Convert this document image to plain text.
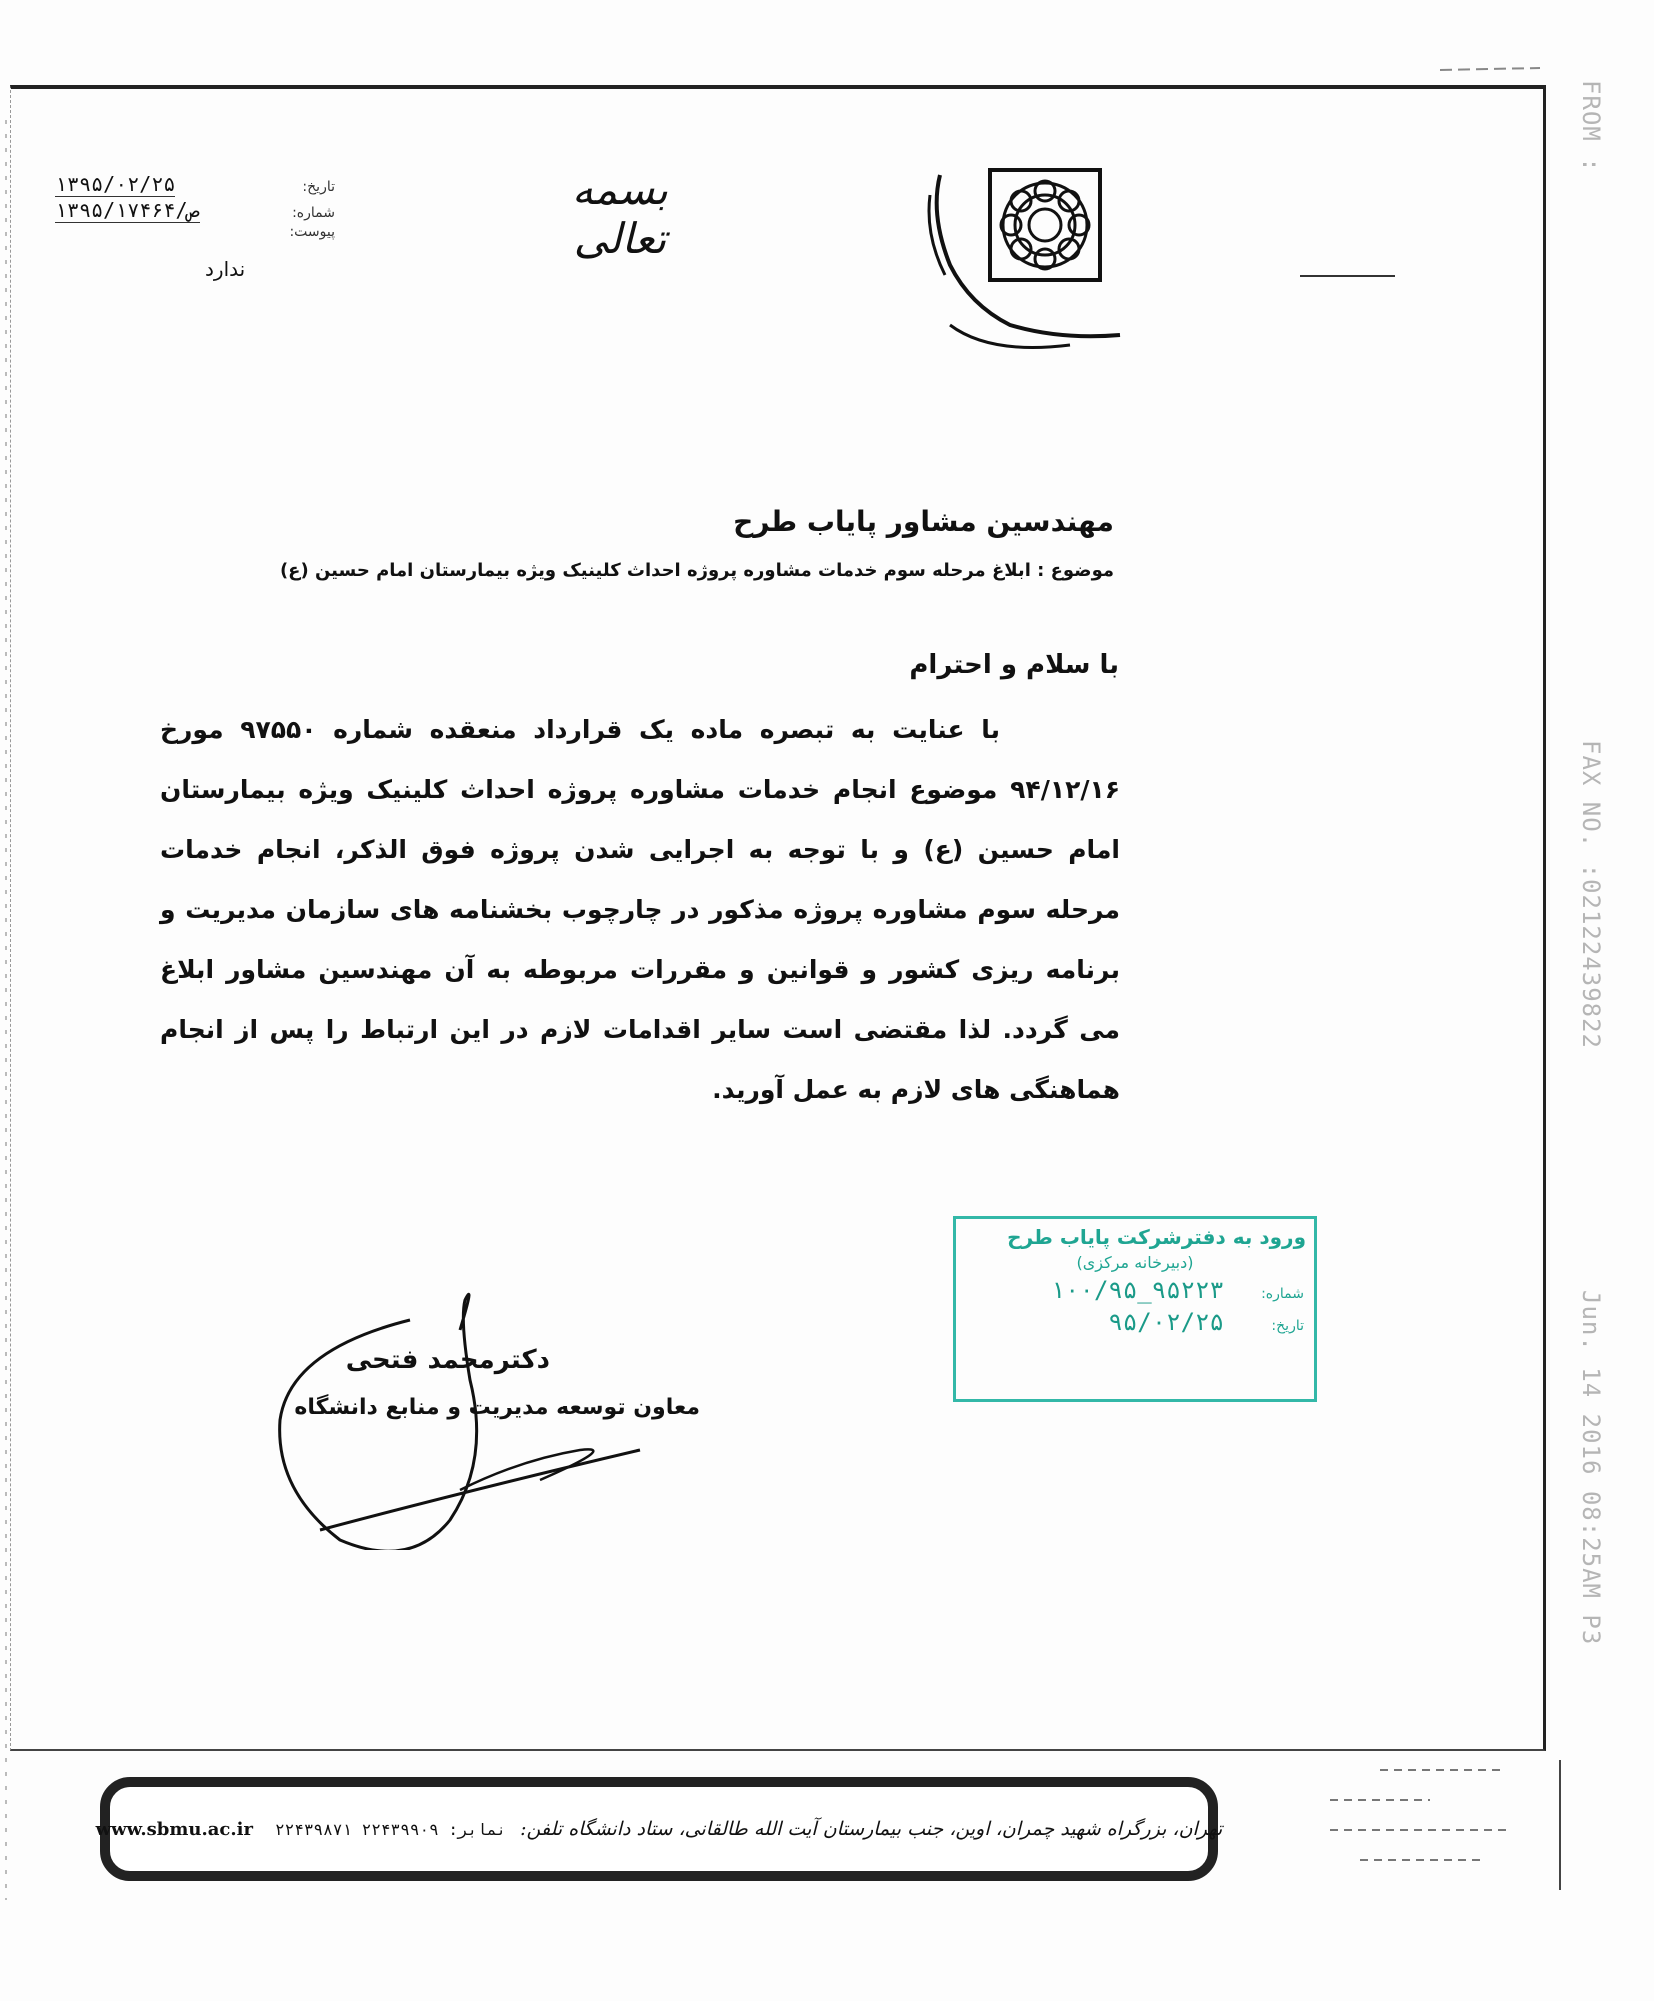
FROM :
FAX NO. :02122439822
Jun. 14 2016 08:25AM P3
تاریخ:
۱۳۹۵/۰۲/۲۵
شماره:
۱۳۹۵/ص/۱۷۴۶۴
پیوست:
ندارد
بسمه تعالی
مهندسین مشاور پایاب طرح
موضوع : ابلاغ مرحله سوم خدمات مشاوره پروژه احداث کلینیک ویژه بیمارستان امام حسین (ع)
با سلام و احترام

با عنایت به تبصره ماده یک قرارداد منعقده شماره ۹۷۵۵۰ مورخ ۹۴/۱۲/۱۶ موضوع انجام خدمات مشاوره پروژه احداث کلینیک ویژه بیمارستان امام حسین (ع) و با توجه به اجرایی شدن پروژه فوق الذکر، انجام خدمات مرحله سوم مشاوره پروژه مذکور در چارچوب بخشنامه های سازمان مدیریت و برنامه ریزی کشور و قوانین و مقررات مربوطه به آن مهندسین مشاور ابلاغ می گردد. لذا مقتضی است سایر اقدامات لازم در این ارتباط را پس از انجام هماهنگی های لازم به عمل آورید.

ورود به دفترشرکت پایاب طرح
(دبیرخانه مرکزی)
شماره:
۱۰۰/۹۵_۹۵۲۲۳
تاریخ:
۹۵/۰۲/۲۵
دکترمحمد فتحی
معاون توسعه مدیریت و منابع دانشگاه
تهران، بزرگراه شهید چمران، اوین، جنب بیمارستان آیت الله طالقانی، ستاد دانشگاه تلفن:
۲۲۴۳۹۸۷۱ نمابر: ۲۲۴۳۹۹۰۹
www.sbmu.ac.ir
